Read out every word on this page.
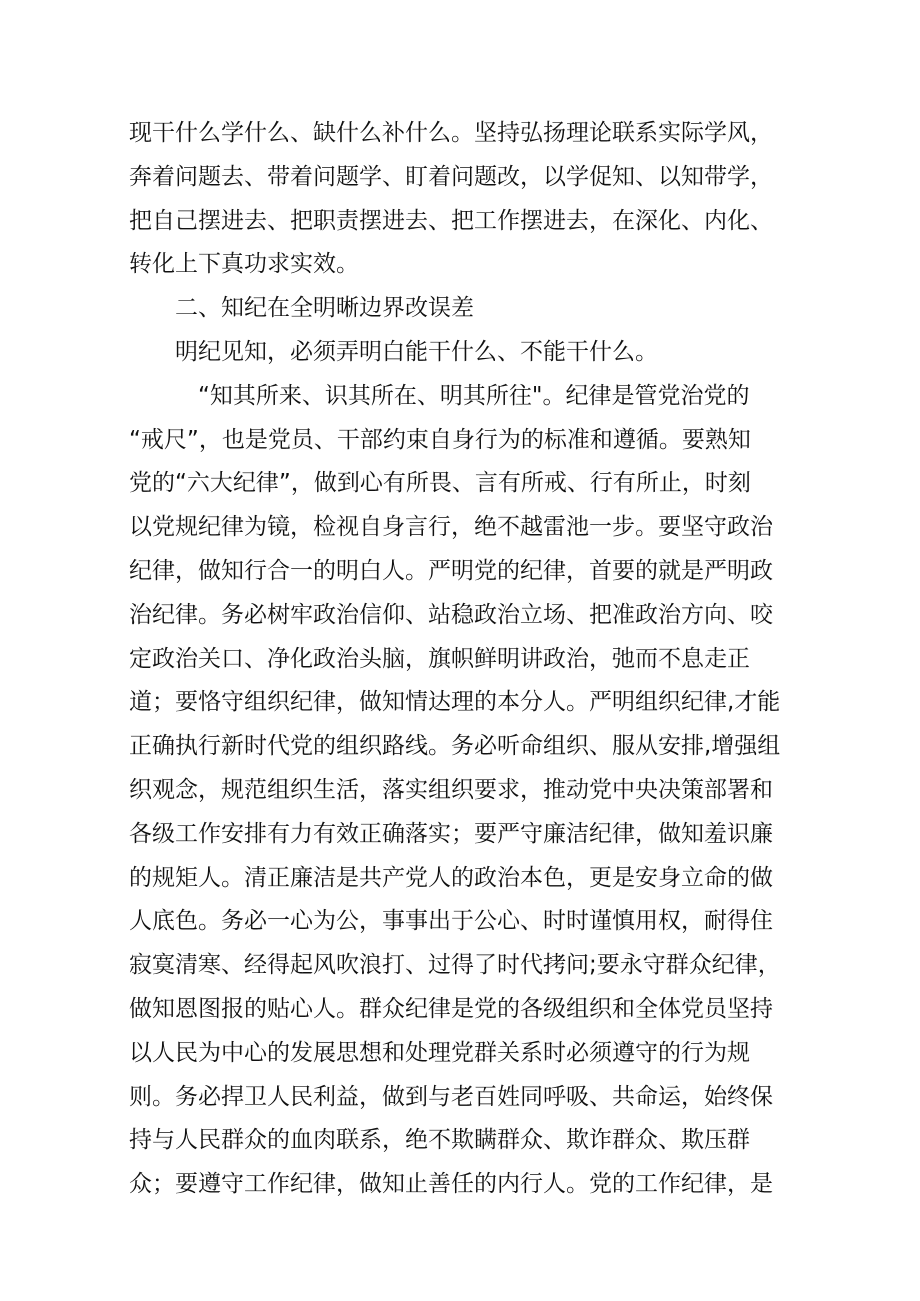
现干什么学什么、缺什么补什么。坚持弘扬理论联系实际学风，
奔着问题去、带着问题学、盯着问题改，以学促知、以知带学，
把自己摆进去、把职责摆进去、把工作摆进去，在深化、内化、
转化上下真功求实效。
二、知纪在全明晰边界改误差
明纪见知，必须弄明白能干什么、不能干什么。
“知其所来、识其所在、明其所往"。纪律是管党治党的
“戒尺”，也是党员、干部约束自身行为的标准和遵循。要熟知
党的“六大纪律”，做到心有所畏、言有所戒、行有所止，时刻
以党规纪律为镜，检视自身言行，绝不越雷池一步。要坚守政治
纪律，做知行合一的明白人。严明党的纪律，首要的就是严明政
治纪律。务必树牢政治信仰、站稳政治立场、把准政治方向、咬
定政治关口、净化政治头脑，旗帜鲜明讲政治，弛而不息走正
道；要恪守组织纪律，做知情达理的本分人。严明组织纪律,才能
正确执行新时代党的组织路线。务必听命组织、服从安排,增强组
织观念，规范组织生活，落实组织要求，推动党中央决策部署和
各级工作安排有力有效正确落实；要严守廉洁纪律，做知羞识廉
的规矩人。清正廉洁是共产党人的政治本色，更是安身立命的做
人底色。务必一心为公，事事出于公心、时时谨慎用权，耐得住
寂寞清寒、经得起风吹浪打、过得了时代拷问;要永守群众纪律，
做知恩图报的贴心人。群众纪律是党的各级组织和全体党员坚持
以人民为中心的发展思想和处理党群关系时必须遵守的行为规
则。务必捍卫人民利益，做到与老百姓同呼吸、共命运，始终保
持与人民群众的血肉联系，绝不欺瞒群众、欺诈群众、欺压群
众；要遵守工作纪律，做知止善任的内行人。党的工作纪律，是
